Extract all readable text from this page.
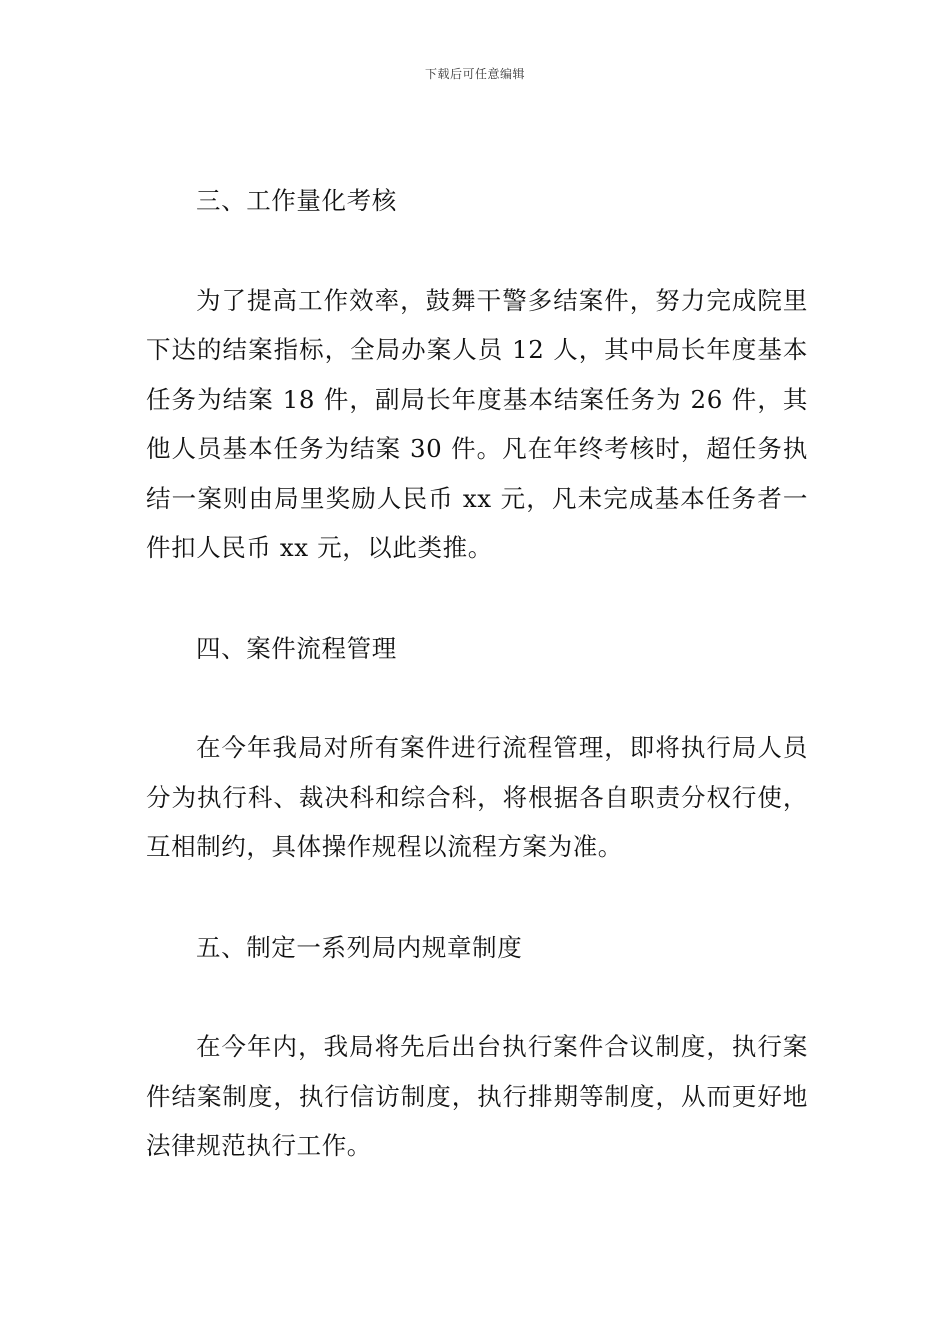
下载后可任意编辑
三、工作量化考核

为了提高工作效率，鼓舞干警多结案件，努力完成院里下达的结案指标，全局办案人员 12 人，其中局长年度基本任务为结案 18 件，副局长年度基本结案任务为 26 件，其他人员基本任务为结案 30 件。凡在年终考核时，超任务执结一案则由局里奖励人民币 xx 元，凡未完成基本任务者一件扣人民币 xx 元，以此类推。

四、案件流程管理

在今年我局对所有案件进行流程管理，即将执行局人员分为执行科、裁决科和综合科，将根据各自职责分权行使，互相制约，具体操作规程以流程方案为准。

五、制定一系列局内规章制度

在今年内，我局将先后出台执行案件合议制度，执行案件结案制度，执行信访制度，执行排期等制度，从而更好地法律规范执行工作。
